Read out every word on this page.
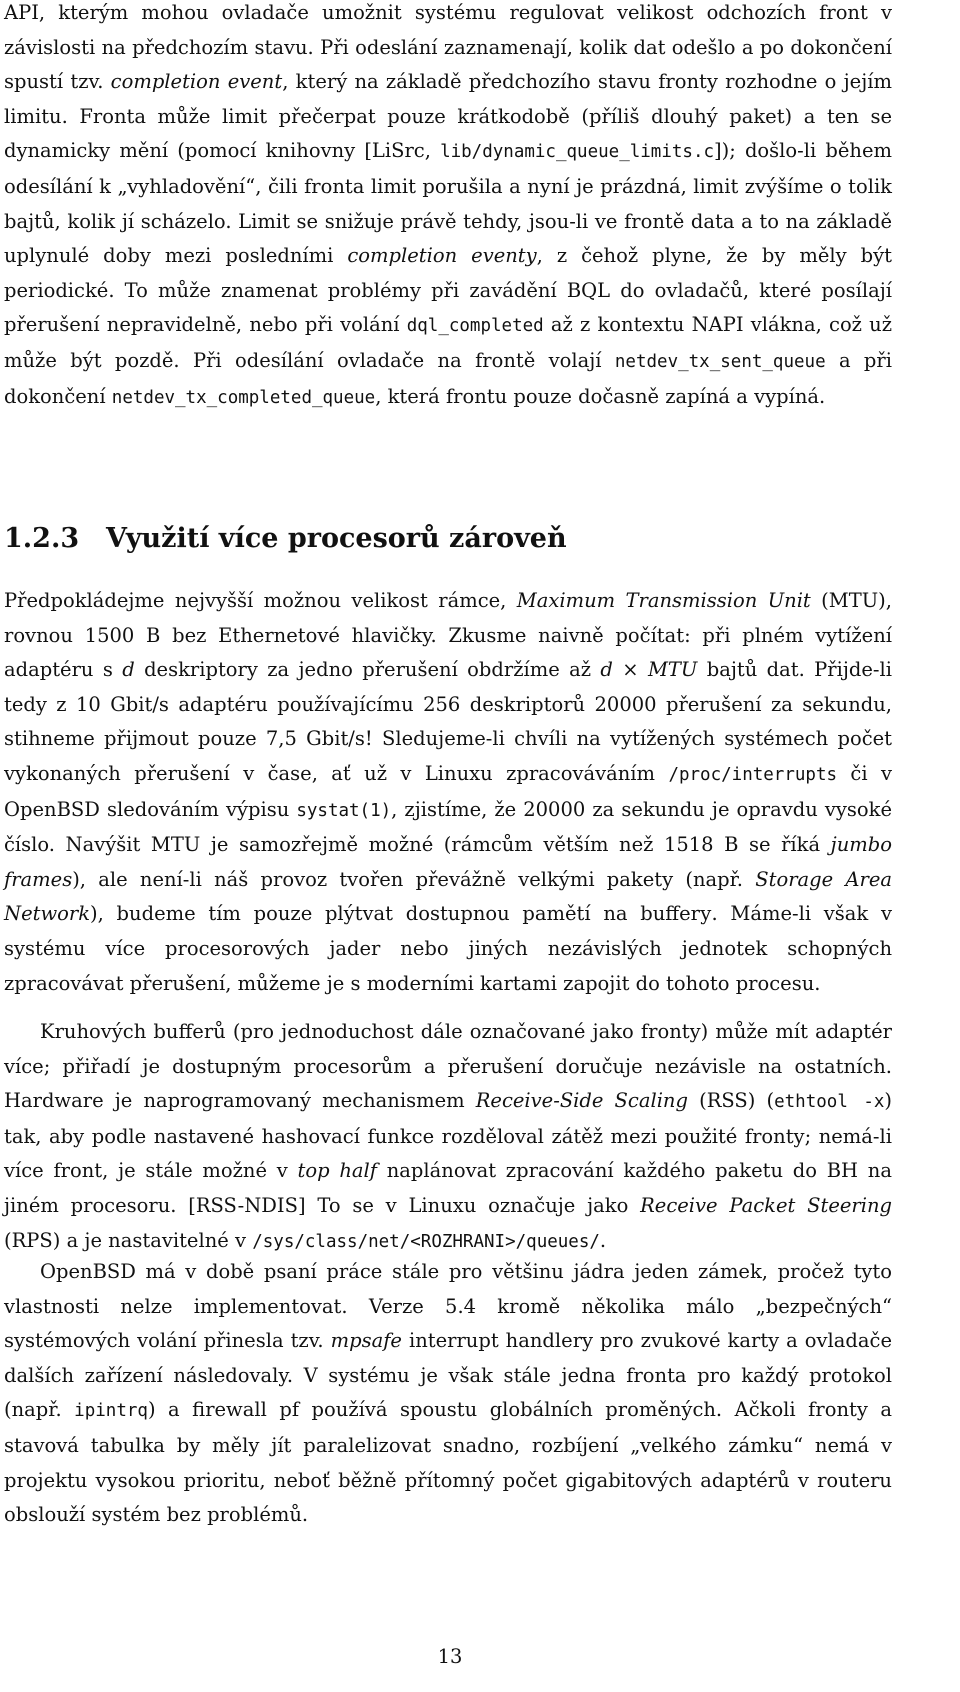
API, kterým mohou ovladače umožnit systému regulovat velikost odchozích front v závislosti na předchozím stavu. Při odeslání zaznamenají, kolik dat odešlo a po dokončení spustí tzv. completion event, který na základě předchozího stavu fronty rozhodne o jejím limitu. Fronta může limit přečerpat pouze krátkodobě (příliš dlouhý paket) a ten se dynamicky mění (pomocí knihovny [LiSrc, lib/dynamic_queue_limits.c]); došlo-li během odesílání k „vyhladovění“, čili fronta limit porušila a nyní je prázdná, limit zvýšíme o tolik bajtů, kolik jí scházelo. Limit se snižuje právě tehdy, jsou-li ve frontě data a to na základě uplynulé doby mezi posledními completion eventy, z čehož plyne, že by měly být periodické. To může znamenat problémy při zavádění BQL do ovladačů, které posílají přerušení nepravidelně, nebo při volání dql_completed až z kontextu NAPI vlákna, což už může být pozdě. Při odesílání ovladače na frontě volají netdev_tx_sent_queue a při dokončení netdev_tx_completed_queue, která frontu pouze dočasně zapíná a vypíná.

1.2.3 Využití více procesorů zároveň

Předpokládejme nejvyšší možnou velikost rámce, Maximum Transmission Unit (MTU), rovnou 1500 B bez Ethernetové hlavičky. Zkusme naivně počítat: při plném vytížení adaptéru s d deskriptory za jedno přerušení obdržíme až d × MTU bajtů dat. Přijde-li tedy z 10 Gbit/s adaptéru používajícímu 256 deskriptorů 20000 přerušení za sekundu, stihneme přijmout pouze 7,5 Gbit/s! Sledujeme-li chvíli na vytížených systémech počet vykonaných přerušení v čase, ať už v Linuxu zpracováváním /proc/interrupts či v OpenBSD sledováním výpisu systat(1), zjistíme, že 20000 za sekundu je opravdu vysoké číslo. Navýšit MTU je samozřejmě možné (rámcům větším než 1518 B se říká jumbo frames), ale není-li náš provoz tvořen převážně velkými pakety (např. Storage Area Network), budeme tím pouze plýtvat dostupnou pamětí na bufferу. Máme-li však v systému více procesorových jader nebo jiných nezávislých jednotek schopných zpracovávat přerušení, můžeme je s moderními kartami zapojit do tohoto procesu.

Kruhových bufferů (pro jednoduchost dále označované jako fronty) může mít adaptér více; přiřadí je dostupným procesorům a přerušení doručuje nezávisle na ostatních. Hardware je naprogramovaný mechanismem Receive-Side Scaling (RSS) (ethtool -x) tak, aby podle nastavené hashovací funkce rozděloval zátěž mezi použité fronty; nemá-li více front, je stále možné v top half naplánovat zpracování každého paketu do BH na jiném procesoru. [RSS-NDIS] To se v Linuxu označuje jako Receive Packet Steering (RPS) a je nastavitelné v /sys/class/net/<ROZHRANI>/queues/.

OpenBSD má v době psaní práce stále pro většinu jádra jeden zámek, pročež tyto vlastnosti nelze implementovat. Verze 5.4 kromě několika málo „bezpečných“ systémových volání přinesla tzv. mpsafe interrupt handlery pro zvukové karty a ovladače dalších zařízení následovaly. V systému je však stále jedna fronta pro každý protokol (např. ipintrq) a firewall pf používá spoustu globálních proměných. Ačkoli fronty a stavová tabulka by měly jít paralelizovat snadno, rozbíjení „velkého zámku“ nemá v projektu vysokou prioritu, neboť běžně přítomný počet gigabitových adaptérů v routeru obslouží systém bez problémů.

13
